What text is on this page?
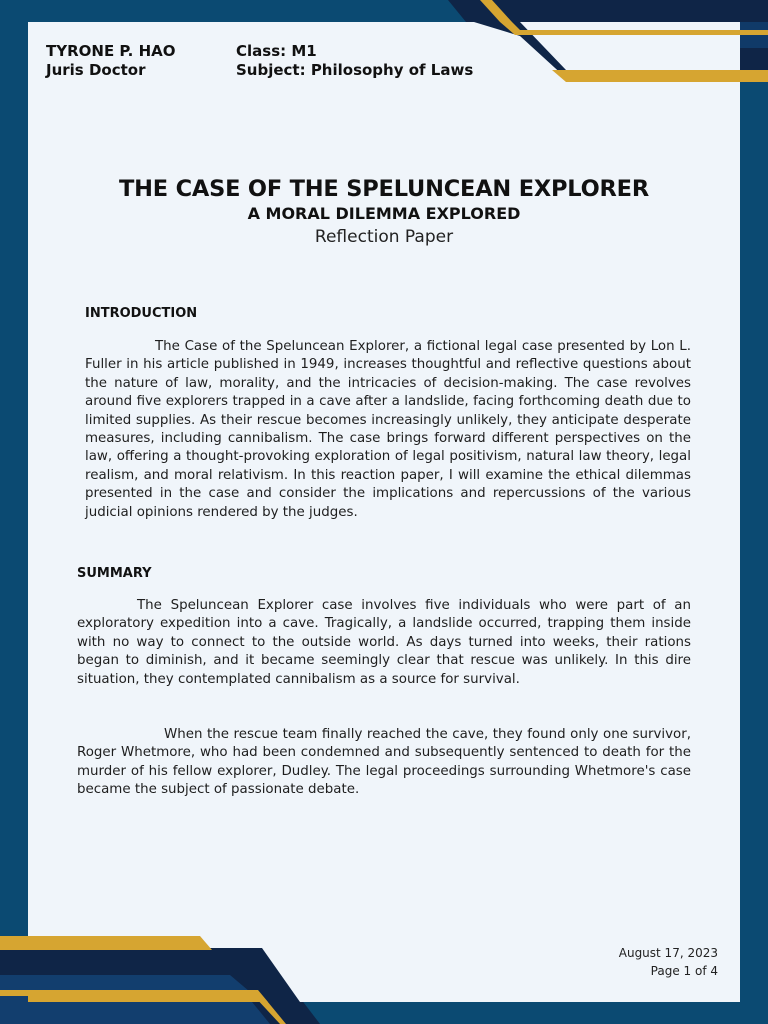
TYRONE P. HAO
Juris Doctor
Class: M1
Subject: Philosophy of Laws
THE CASE OF THE SPELUNCEAN EXPLORER
A MORAL DILEMMA EXPLORED
Reflection Paper
INTRODUCTION

The Case of the Speluncean Explorer, a fictional legal case presented by Lon L. Fuller in his article published in 1949, increases thoughtful and reflective questions about the nature of law, morality, and the intricacies of decision-making. The case revolves around five explorers trapped in a cave after a landslide, facing forthcoming death due to limited supplies. As their rescue becomes increasingly unlikely, they anticipate desperate measures, including cannibalism. The case brings forward different perspectives on the law, offering a thought-provoking exploration of legal positivism, natural law theory, legal realism, and moral relativism. In this reaction paper, I will examine the ethical dilemmas presented in the case and consider the implications and repercussions of the various judicial opinions rendered by the judges.

SUMMARY

The Speluncean Explorer case involves five individuals who were part of an exploratory expedition into a cave. Tragically, a landslide occurred, trapping them inside with no way to connect to the outside world. As days turned into weeks, their rations began to diminish, and it became seemingly clear that rescue was unlikely. In this dire situation, they contemplated cannibalism as a source for survival.

When the rescue team finally reached the cave, they found only one survivor, Roger Whetmore, who had been condemned and subsequently sentenced to death for the murder of his fellow explorer, Dudley. The legal proceedings surrounding Whetmore's case became the subject of passionate debate.

August 17, 2023
Page 1 of 4
